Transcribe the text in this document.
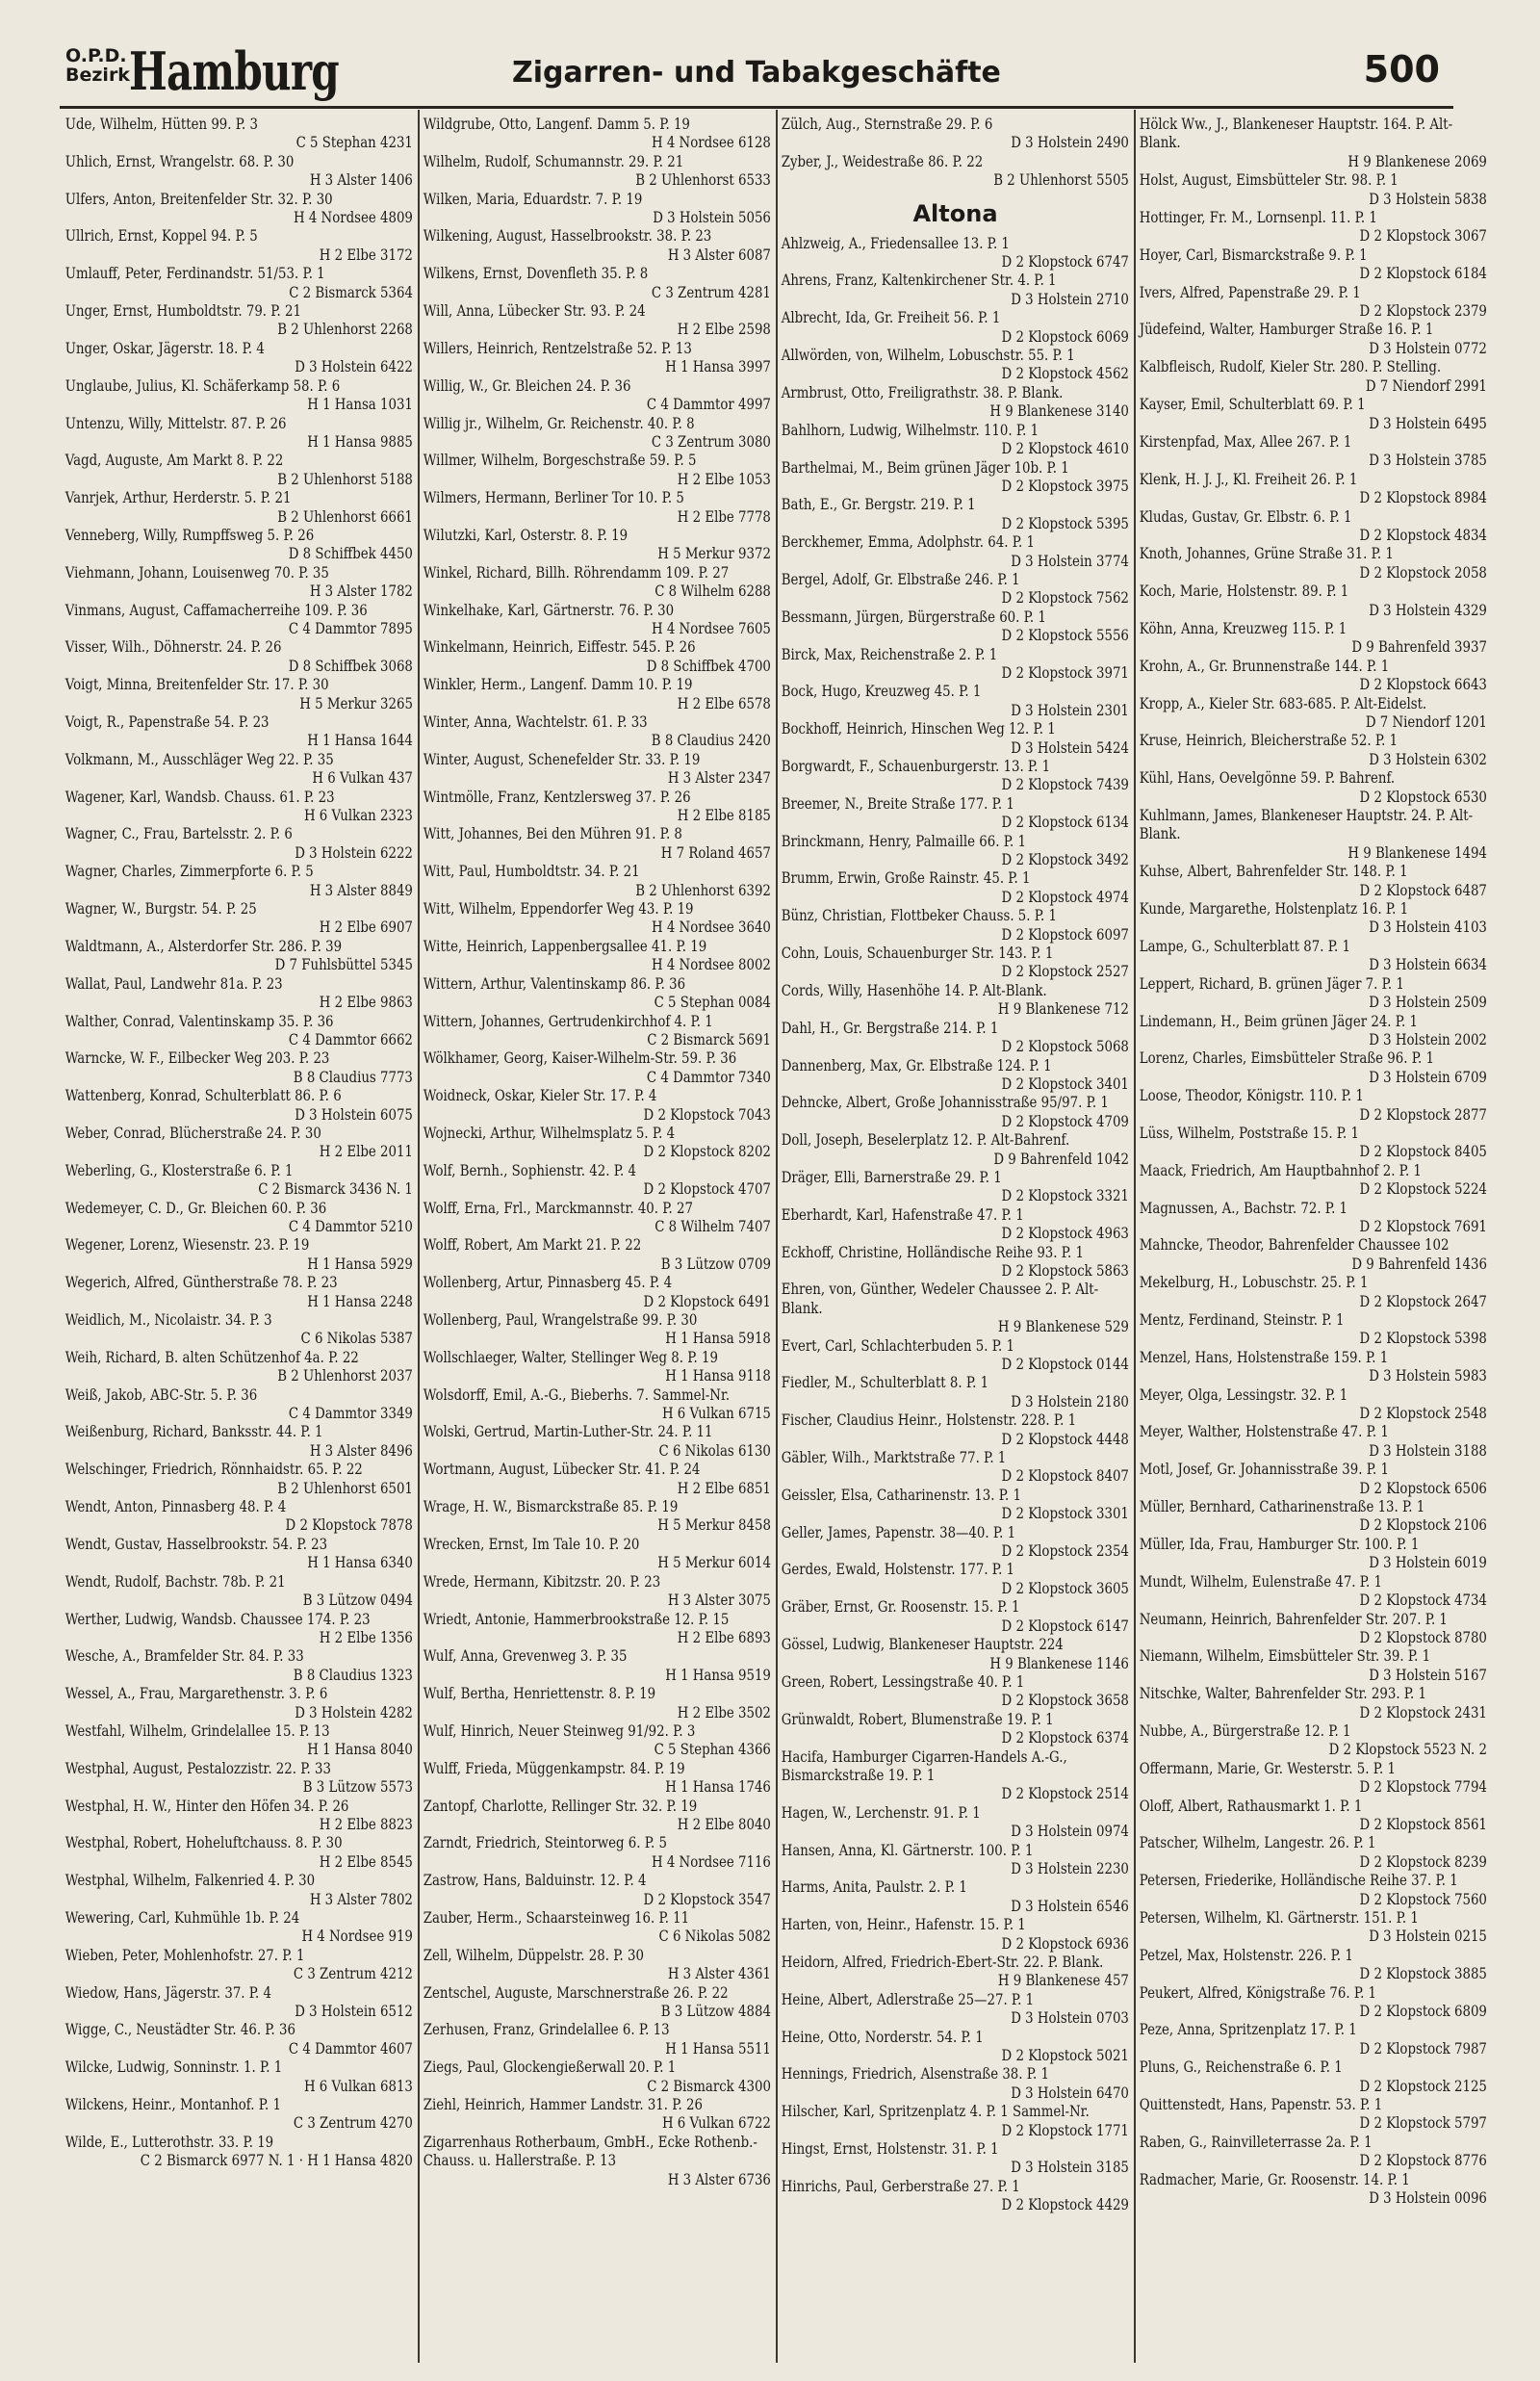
O.P.D.
Bezirk Hamburg	Zigarren- und Tabakgeschäfte	500
Ude, Wilhelm, Hütten 99. P. 3
C 5 Stephan 4231
Uhlich, Ernst, Wrangelstr. 68. P. 30
H 3 Alster 1406
Ulfers, Anton, Breitenfelder Str. 32. P. 30
H 4 Nordsee 4809
Ullrich, Ernst, Koppel 94. P. 5
H 2 Elbe 3172
Umlauff, Peter, Ferdinandstr. 51/53. P. 1
C 2 Bismarck 5364
Unger, Ernst, Humboldtstr. 79. P. 21
B 2 Uhlenhorst 2268
Unger, Oskar, Jägerstr. 18. P. 4
D 3 Holstein 6422
Unglaube, Julius, Kl. Schäferkamp 58. P. 6
H 1 Hansa 1031
Untenzu, Willy, Mittelstr. 87. P. 26
H 1 Hansa 9885
Vagd, Auguste, Am Markt 8. P. 22
B 2 Uhlenhorst 5188
Vanrjek, Arthur, Herderstr. 5. P. 21
B 2 Uhlenhorst 6661
Venneberg, Willy, Rumpffsweg 5. P. 26
D 8 Schiffbek 4450
Viehmann, Johann, Louisenweg 70. P. 35
H 3 Alster 1782
Vinmans, August, Caffamacherreihe 109. P. 36
C 4 Dammtor 7895
Visser, Wilh., Döhnerstr. 24. P. 26
D 8 Schiffbek 3068
Voigt, Minna, Breitenfelder Str. 17. P. 30
H 5 Merkur 3265
Voigt, R., Papenstraße 54. P. 23
H 1 Hansa 1644
Volkmann, M., Ausschläger Weg 22. P. 35
H 6 Vulkan 437
Wagener, Karl, Wandsb. Chauss. 61. P. 23
H 6 Vulkan 2323
Wagner, C., Frau, Bartelsstr. 2. P. 6
D 3 Holstein 6222
Wagner, Charles, Zimmerpforte 6. P. 5
H 3 Alster 8849
Wagner, W., Burgstr. 54. P. 25
H 2 Elbe 6907
Waldtmann, A., Alsterdorfer Str. 286. P. 39
D 7 Fuhlsbüttel 5345
Wallat, Paul, Landwehr 81a. P. 23
H 2 Elbe 9863
Walther, Conrad, Valentinskamp 35. P. 36
C 4 Dammtor 6662
Warncke, W. F., Eilbecker Weg 203. P. 23
B 8 Claudius 7773
Wattenberg, Konrad, Schulterblatt 86. P. 6
D 3 Holstein 6075
Weber, Conrad, Blücherstraße 24. P. 30
H 2 Elbe 2011
Weberling, G., Klosterstraße 6. P. 1
C 2 Bismarck 3436 N. 1
Wedemeyer, C. D., Gr. Bleichen 60. P. 36
C 4 Dammtor 5210
Wegener, Lorenz, Wiesenstr. 23. P. 19
H 1 Hansa 5929
Wegerich, Alfred, Güntherstraße 78. P. 23
H 1 Hansa 2248
Weidlich, M., Nicolaistr. 34. P. 3
C 6 Nikolas 5387
Weih, Richard, B. alten Schützenhof 4a. P. 22
B 2 Uhlenhorst 2037
Weiß, Jakob, ABC-Str. 5. P. 36
C 4 Dammtor 3349
Weißenburg, Richard, Banksstr. 44. P. 1
H 3 Alster 8496
Welschinger, Friedrich, Rönnhaidstr. 65. P. 22
B 2 Uhlenhorst 6501
Wendt, Anton, Pinnasberg 48. P. 4
D 2 Klopstock 7878
Wendt, Gustav, Hasselbrookstr. 54. P. 23
H 1 Hansa 6340
Wendt, Rudolf, Bachstr. 78b. P. 21
B 3 Lützow 0494
Werther, Ludwig, Wandsb. Chaussee 174. P. 23
H 2 Elbe 1356
Wesche, A., Bramfelder Str. 84. P. 33
B 8 Claudius 1323
Wessel, A., Frau, Margarethenstr. 3. P. 6
D 3 Holstein 4282
Westfahl, Wilhelm, Grindelallee 15. P. 13
H 1 Hansa 8040
Westphal, August, Pestalozzistr. 22. P. 33
B 3 Lützow 5573
Westphal, H. W., Hinter den Höfen 34. P. 26
H 2 Elbe 8823
Westphal, Robert, Hoheluftchauss. 8. P. 30
H 2 Elbe 8545
Westphal, Wilhelm, Falkenried 4. P. 30
H 3 Alster 7802
Wewering, Carl, Kuhmühle 1b. P. 24
H 4 Nordsee 919
Wieben, Peter, Mohlenhofstr. 27. P. 1
C 3 Zentrum 4212
Wiedow, Hans, Jägerstr. 37. P. 4
D 3 Holstein 6512
Wigge, C., Neustädter Str. 46. P. 36
C 4 Dammtor 4607
Wilcke, Ludwig, Sonninstr. 1. P. 1
H 6 Vulkan 6813
Wilckens, Heinr., Montanhof. P. 1
C 3 Zentrum 4270
Wilde, E., Lutterothstr. 33. P. 19
C 2 Bismarck 6977 N. 1 · H 1 Hansa 4820
Wildgrube, Otto, Langenf. Damm 5. P. 19
H 4 Nordsee 6128
Wilhelm, Rudolf, Schumannstr. 29. P. 21
B 2 Uhlenhorst 6533
Wilken, Maria, Eduardstr. 7. P. 19
D 3 Holstein 5056
Wilkening, August, Hasselbrookstr. 38. P. 23
H 3 Alster 6087
Wilkens, Ernst, Dovenfleth 35. P. 8
C 3 Zentrum 4281
Will, Anna, Lübecker Str. 93. P. 24
H 2 Elbe 2598
Willers, Heinrich, Rentzelstraße 52. P. 13
H 1 Hansa 3997
Willig, W., Gr. Bleichen 24. P. 36
C 4 Dammtor 4997
Willig jr., Wilhelm, Gr. Reichenstr. 40. P. 8
C 3 Zentrum 3080
Willmer, Wilhelm, Borgeschstraße 59. P. 5
H 2 Elbe 1053
Wilmers, Hermann, Berliner Tor 10. P. 5
H 2 Elbe 7778
Wilutzki, Karl, Osterstr. 8. P. 19
H 5 Merkur 9372
Winkel, Richard, Billh. Röhrendamm 109. P. 27
C 8 Wilhelm 6288
Winkelhake, Karl, Gärtnerstr. 76. P. 30
H 4 Nordsee 7605
Winkelmann, Heinrich, Eiffestr. 545. P. 26
D 8 Schiffbek 4700
Winkler, Herm., Langenf. Damm 10. P. 19
H 2 Elbe 6578
Winter, Anna, Wachtelstr. 61. P. 33
B 8 Claudius 2420
Winter, August, Schenefelder Str. 33. P. 19
H 3 Alster 2347
Wintmölle, Franz, Kentzlersweg 37. P. 26
H 2 Elbe 8185
Witt, Johannes, Bei den Mühren 91. P. 8
H 7 Roland 4657
Witt, Paul, Humboldtstr. 34. P. 21
B 2 Uhlenhorst 6392
Witt, Wilhelm, Eppendorfer Weg 43. P. 19
H 4 Nordsee 3640
Witte, Heinrich, Lappenbergsallee 41. P. 19
H 4 Nordsee 8002
Wittern, Arthur, Valentinskamp 86. P. 36
C 5 Stephan 0084
Wittern, Johannes, Gertrudenkirchhof 4. P. 1
C 2 Bismarck 5691
Wölkhamer, Georg, Kaiser-Wilhelm-Str. 59. P. 36
C 4 Dammtor 7340
Woidneck, Oskar, Kieler Str. 17. P. 4
D 2 Klopstock 7043
Wojnecki, Arthur, Wilhelmsplatz 5. P. 4
D 2 Klopstock 8202
Wolf, Bernh., Sophienstr. 42. P. 4
D 2 Klopstock 4707
Wolff, Erna, Frl., Marckmannstr. 40. P. 27
C 8 Wilhelm 7407
Wolff, Robert, Am Markt 21. P. 22
B 3 Lützow 0709
Wollenberg, Artur, Pinnasberg 45. P. 4
D 2 Klopstock 6491
Wollenberg, Paul, Wrangelstraße 99. P. 30
H 1 Hansa 5918
Wollschlaeger, Walter, Stellinger Weg 8. P. 19
H 1 Hansa 9118
Wolsdorff, Emil, A.-G., Bieberhs. 7. Sammel-Nr.
H 6 Vulkan 6715
Wolski, Gertrud, Martin-Luther-Str. 24. P. 11
C 6 Nikolas 6130
Wortmann, August, Lübecker Str. 41. P. 24
H 2 Elbe 6851
Wrage, H. W., Bismarckstraße 85. P. 19
H 5 Merkur 8458
Wrecken, Ernst, Im Tale 10. P. 20
H 5 Merkur 6014
Wrede, Hermann, Kibitzstr. 20. P. 23
H 3 Alster 3075
Wriedt, Antonie, Hammerbrookstraße 12. P. 15
H 2 Elbe 6893
Wulf, Anna, Grevenweg 3. P. 35
H 1 Hansa 9519
Wulf, Bertha, Henriettenstr. 8. P. 19
H 2 Elbe 3502
Wulf, Hinrich, Neuer Steinweg 91/92. P. 3
C 5 Stephan 4366
Wulff, Frieda, Müggenkampstr. 84. P. 19
H 1 Hansa 1746
Zantopf, Charlotte, Rellinger Str. 32. P. 19
H 2 Elbe 8040
Zarndt, Friedrich, Steintorweg 6. P. 5
H 4 Nordsee 7116
Zastrow, Hans, Balduinstr. 12. P. 4
D 2 Klopstock 3547
Zauber, Herm., Schaarsteinweg 16. P. 11
C 6 Nikolas 5082
Zell, Wilhelm, Düppelstr. 28. P. 30
H 3 Alster 4361
Zentschel, Auguste, Marschnerstraße 26. P. 22
B 3 Lützow 4884
Zerhusen, Franz, Grindelallee 6. P. 13
H 1 Hansa 5511
Ziegs, Paul, Glockengießerwall 20. P. 1
C 2 Bismarck 4300
Ziehl, Heinrich, Hammer Landstr. 31. P. 26
H 6 Vulkan 6722
Zigarrenhaus Rotherbaum, GmbH., Ecke Rothenb.-Chauss. u. Hallerstraße. P. 13
H 3 Alster 6736
Zülch, Aug., Sternstraße 29. P. 6
D 3 Holstein 2490
Zyber, J., Weidestraße 86. P. 22
B 2 Uhlenhorst 5505
Altona
Ahlzweig, A., Friedensallee 13. P. 1
D 2 Klopstock 6747
Ahrens, Franz, Kaltenkirchener Str. 4. P. 1
D 3 Holstein 2710
Albrecht, Ida, Gr. Freiheit 56. P. 1
D 2 Klopstock 6069
Allwörden, von, Wilhelm, Lobuschstr. 55. P. 1
D 2 Klopstock 4562
Armbrust, Otto, Freiligrathstr. 38. P. Blank.
H 9 Blankenese 3140
Bahlhorn, Ludwig, Wilhelmstr. 110. P. 1
D 2 Klopstock 4610
Barthelmai, M., Beim grünen Jäger 10b. P. 1
D 2 Klopstock 3975
Bath, E., Gr. Bergstr. 219. P. 1
D 2 Klopstock 5395
Berckhemer, Emma, Adolphstr. 64. P. 1
D 3 Holstein 3774
Bergel, Adolf, Gr. Elbstraße 246. P. 1
D 2 Klopstock 7562
Bessmann, Jürgen, Bürgerstraße 60. P. 1
D 2 Klopstock 5556
Birck, Max, Reichenstraße 2. P. 1
D 2 Klopstock 3971
Bock, Hugo, Kreuzweg 45. P. 1
D 3 Holstein 2301
Bockhoff, Heinrich, Hinschen Weg 12. P. 1
D 3 Holstein 5424
Borgwardt, F., Schauenburgerstr. 13. P. 1
D 2 Klopstock 7439
Breemer, N., Breite Straße 177. P. 1
D 2 Klopstock 6134
Brinckmann, Henry, Palmaille 66. P. 1
D 2 Klopstock 3492
Brumm, Erwin, Große Rainstr. 45. P. 1
D 2 Klopstock 4974
Bünz, Christian, Flottbeker Chauss. 5. P. 1
D 2 Klopstock 6097
Cohn, Louis, Schauenburger Str. 143. P. 1
D 2 Klopstock 2527
Cords, Willy, Hasenhöhe 14. P. Alt-Blank.
H 9 Blankenese 712
Dahl, H., Gr. Bergstraße 214. P. 1
D 2 Klopstock 5068
Dannenberg, Max, Gr. Elbstraße 124. P. 1
D 2 Klopstock 3401
Dehncke, Albert, Große Johannisstraße 95/97. P. 1
D 2 Klopstock 4709
Doll, Joseph, Beselerplatz 12. P. Alt-Bahrenf.
D 9 Bahrenfeld 1042
Dräger, Elli, Barnerstraße 29. P. 1
D 2 Klopstock 3321
Eberhardt, Karl, Hafenstraße 47. P. 1
D 2 Klopstock 4963
Eckhoff, Christine, Holländische Reihe 93. P. 1
D 2 Klopstock 5863
Ehren, von, Günther, Wedeler Chaussee 2. P. Alt-Blank.
H 9 Blankenese 529
Evert, Carl, Schlachterbuden 5. P. 1
D 2 Klopstock 0144
Fiedler, M., Schulterblatt 8. P. 1
D 3 Holstein 2180
Fischer, Claudius Heinr., Holstenstr. 228. P. 1
D 2 Klopstock 4448
Gäbler, Wilh., Marktstraße 77. P. 1
D 2 Klopstock 8407
Geissler, Elsa, Catharinenstr. 13. P. 1
D 2 Klopstock 3301
Geller, James, Papenstr. 38—40. P. 1
D 2 Klopstock 2354
Gerdes, Ewald, Holstenstr. 177. P. 1
D 2 Klopstock 3605
Gräber, Ernst, Gr. Roosenstr. 15. P. 1
D 2 Klopstock 6147
Gössel, Ludwig, Blankeneser Hauptstr. 224
H 9 Blankenese 1146
Green, Robert, Lessingstraße 40. P. 1
D 2 Klopstock 3658
Grünwaldt, Robert, Blumenstraße 19. P. 1
D 2 Klopstock 6374
Hacifa, Hamburger Cigarren-Handels A.-G., Bismarckstraße 19. P. 1
D 2 Klopstock 2514
Hagen, W., Lerchenstr. 91. P. 1
D 3 Holstein 0974
Hansen, Anna, Kl. Gärtnerstr. 100. P. 1
D 3 Holstein 2230
Harms, Anita, Paulstr. 2. P. 1
D 3 Holstein 6546
Harten, von, Heinr., Hafenstr. 15. P. 1
D 2 Klopstock 6936
Heidorn, Alfred, Friedrich-Ebert-Str. 22. P. Blank.
H 9 Blankenese 457
Heine, Albert, Adlerstraße 25—27. P. 1
D 3 Holstein 0703
Heine, Otto, Norderstr. 54. P. 1
D 2 Klopstock 5021
Hennings, Friedrich, Alsenstraße 38. P. 1
D 3 Holstein 6470
Hilscher, Karl, Spritzenplatz 4. P. 1 Sammel-Nr.
D 2 Klopstock 1771
Hingst, Ernst, Holstenstr. 31. P. 1
D 3 Holstein 3185
Hinrichs, Paul, Gerberstraße 27. P. 1
D 2 Klopstock 4429
Hölck Ww., J., Blankeneser Hauptstr. 164. P. Alt-Blank.
H 9 Blankenese 2069
Holst, August, Eimsbütteler Str. 98. P. 1
D 3 Holstein 5838
Hottinger, Fr. M., Lornsenpl. 11. P. 1
D 2 Klopstock 3067
Hoyer, Carl, Bismarckstraße 9. P. 1
D 2 Klopstock 6184
Ivers, Alfred, Papenstraße 29. P. 1
D 2 Klopstock 2379
Jüdefeind, Walter, Hamburger Straße 16. P. 1
D 3 Holstein 0772
Kalbfleisch, Rudolf, Kieler Str. 280. P. Stelling.
D 7 Niendorf 2991
Kayser, Emil, Schulterblatt 69. P. 1
D 3 Holstein 6495
Kirstenpfad, Max, Allee 267. P. 1
D 3 Holstein 3785
Klenk, H. J. J., Kl. Freiheit 26. P. 1
D 2 Klopstock 8984
Kludas, Gustav, Gr. Elbstr. 6. P. 1
D 2 Klopstock 4834
Knoth, Johannes, Grüne Straße 31. P. 1
D 2 Klopstock 2058
Koch, Marie, Holstenstr. 89. P. 1
D 3 Holstein 4329
Köhn, Anna, Kreuzweg 115. P. 1
D 9 Bahrenfeld 3937
Krohn, A., Gr. Brunnenstraße 144. P. 1
D 2 Klopstock 6643
Kropp, A., Kieler Str. 683-685. P. Alt-Eidelst.
D 7 Niendorf 1201
Kruse, Heinrich, Bleicherstraße 52. P. 1
D 3 Holstein 6302
Kühl, Hans, Oevelgönne 59. P. Bahrenf.
D 2 Klopstock 6530
Kuhlmann, James, Blankeneser Hauptstr. 24. P. Alt-Blank.
H 9 Blankenese 1494
Kuhse, Albert, Bahrenfelder Str. 148. P. 1
D 2 Klopstock 6487
Kunde, Margarethe, Holstenplatz 16. P. 1
D 3 Holstein 4103
Lampe, G., Schulterblatt 87. P. 1
D 3 Holstein 6634
Leppert, Richard, B. grünen Jäger 7. P. 1
D 3 Holstein 2509
Lindemann, H., Beim grünen Jäger 24. P. 1
D 3 Holstein 2002
Lorenz, Charles, Eimsbütteler Straße 96. P. 1
D 3 Holstein 6709
Loose, Theodor, Königstr. 110. P. 1
D 2 Klopstock 2877
Lüss, Wilhelm, Poststraße 15. P. 1
D 2 Klopstock 8405
Maack, Friedrich, Am Hauptbahnhof 2. P. 1
D 2 Klopstock 5224
Magnussen, A., Bachstr. 72. P. 1
D 2 Klopstock 7691
Mahncke, Theodor, Bahrenfelder Chaussee 102
D 9 Bahrenfeld 1436
Mekelburg, H., Lobuschstr. 25. P. 1
D 2 Klopstock 2647
Mentz, Ferdinand, Steinstr. P. 1
D 2 Klopstock 5398
Menzel, Hans, Holstenstraße 159. P. 1
D 3 Holstein 5983
Meyer, Olga, Lessingstr. 32. P. 1
D 2 Klopstock 2548
Meyer, Walther, Holstenstraße 47. P. 1
D 3 Holstein 3188
Motl, Josef, Gr. Johannisstraße 39. P. 1
D 2 Klopstock 6506
Müller, Bernhard, Catharinenstraße 13. P. 1
D 2 Klopstock 2106
Müller, Ida, Frau, Hamburger Str. 100. P. 1
D 3 Holstein 6019
Mundt, Wilhelm, Eulenstraße 47. P. 1
D 2 Klopstock 4734
Neumann, Heinrich, Bahrenfelder Str. 207. P. 1
D 2 Klopstock 8780
Niemann, Wilhelm, Eimsbütteler Str. 39. P. 1
D 3 Holstein 5167
Nitschke, Walter, Bahrenfelder Str. 293. P. 1
D 2 Klopstock 2431
Nubbe, A., Bürgerstraße 12. P. 1
D 2 Klopstock 5523 N. 2
Offermann, Marie, Gr. Westerstr. 5. P. 1
D 2 Klopstock 7794
Oloff, Albert, Rathausmarkt 1. P. 1
D 2 Klopstock 8561
Patscher, Wilhelm, Langestr. 26. P. 1
D 2 Klopstock 8239
Petersen, Friederike, Holländische Reihe 37. P. 1
D 2 Klopstock 7560
Petersen, Wilhelm, Kl. Gärtnerstr. 151. P. 1
D 3 Holstein 0215
Petzel, Max, Holstenstr. 226. P. 1
D 2 Klopstock 3885
Peukert, Alfred, Königstraße 76. P. 1
D 2 Klopstock 6809
Peze, Anna, Spritzenplatz 17. P. 1
D 2 Klopstock 7987
Pluns, G., Reichenstraße 6. P. 1
D 2 Klopstock 2125
Quittenstedt, Hans, Papenstr. 53. P. 1
D 2 Klopstock 5797
Raben, G., Rainvilleterrasse 2a. P. 1
D 2 Klopstock 8776
Radmacher, Marie, Gr. Roosenstr. 14. P. 1
D 3 Holstein 0096
